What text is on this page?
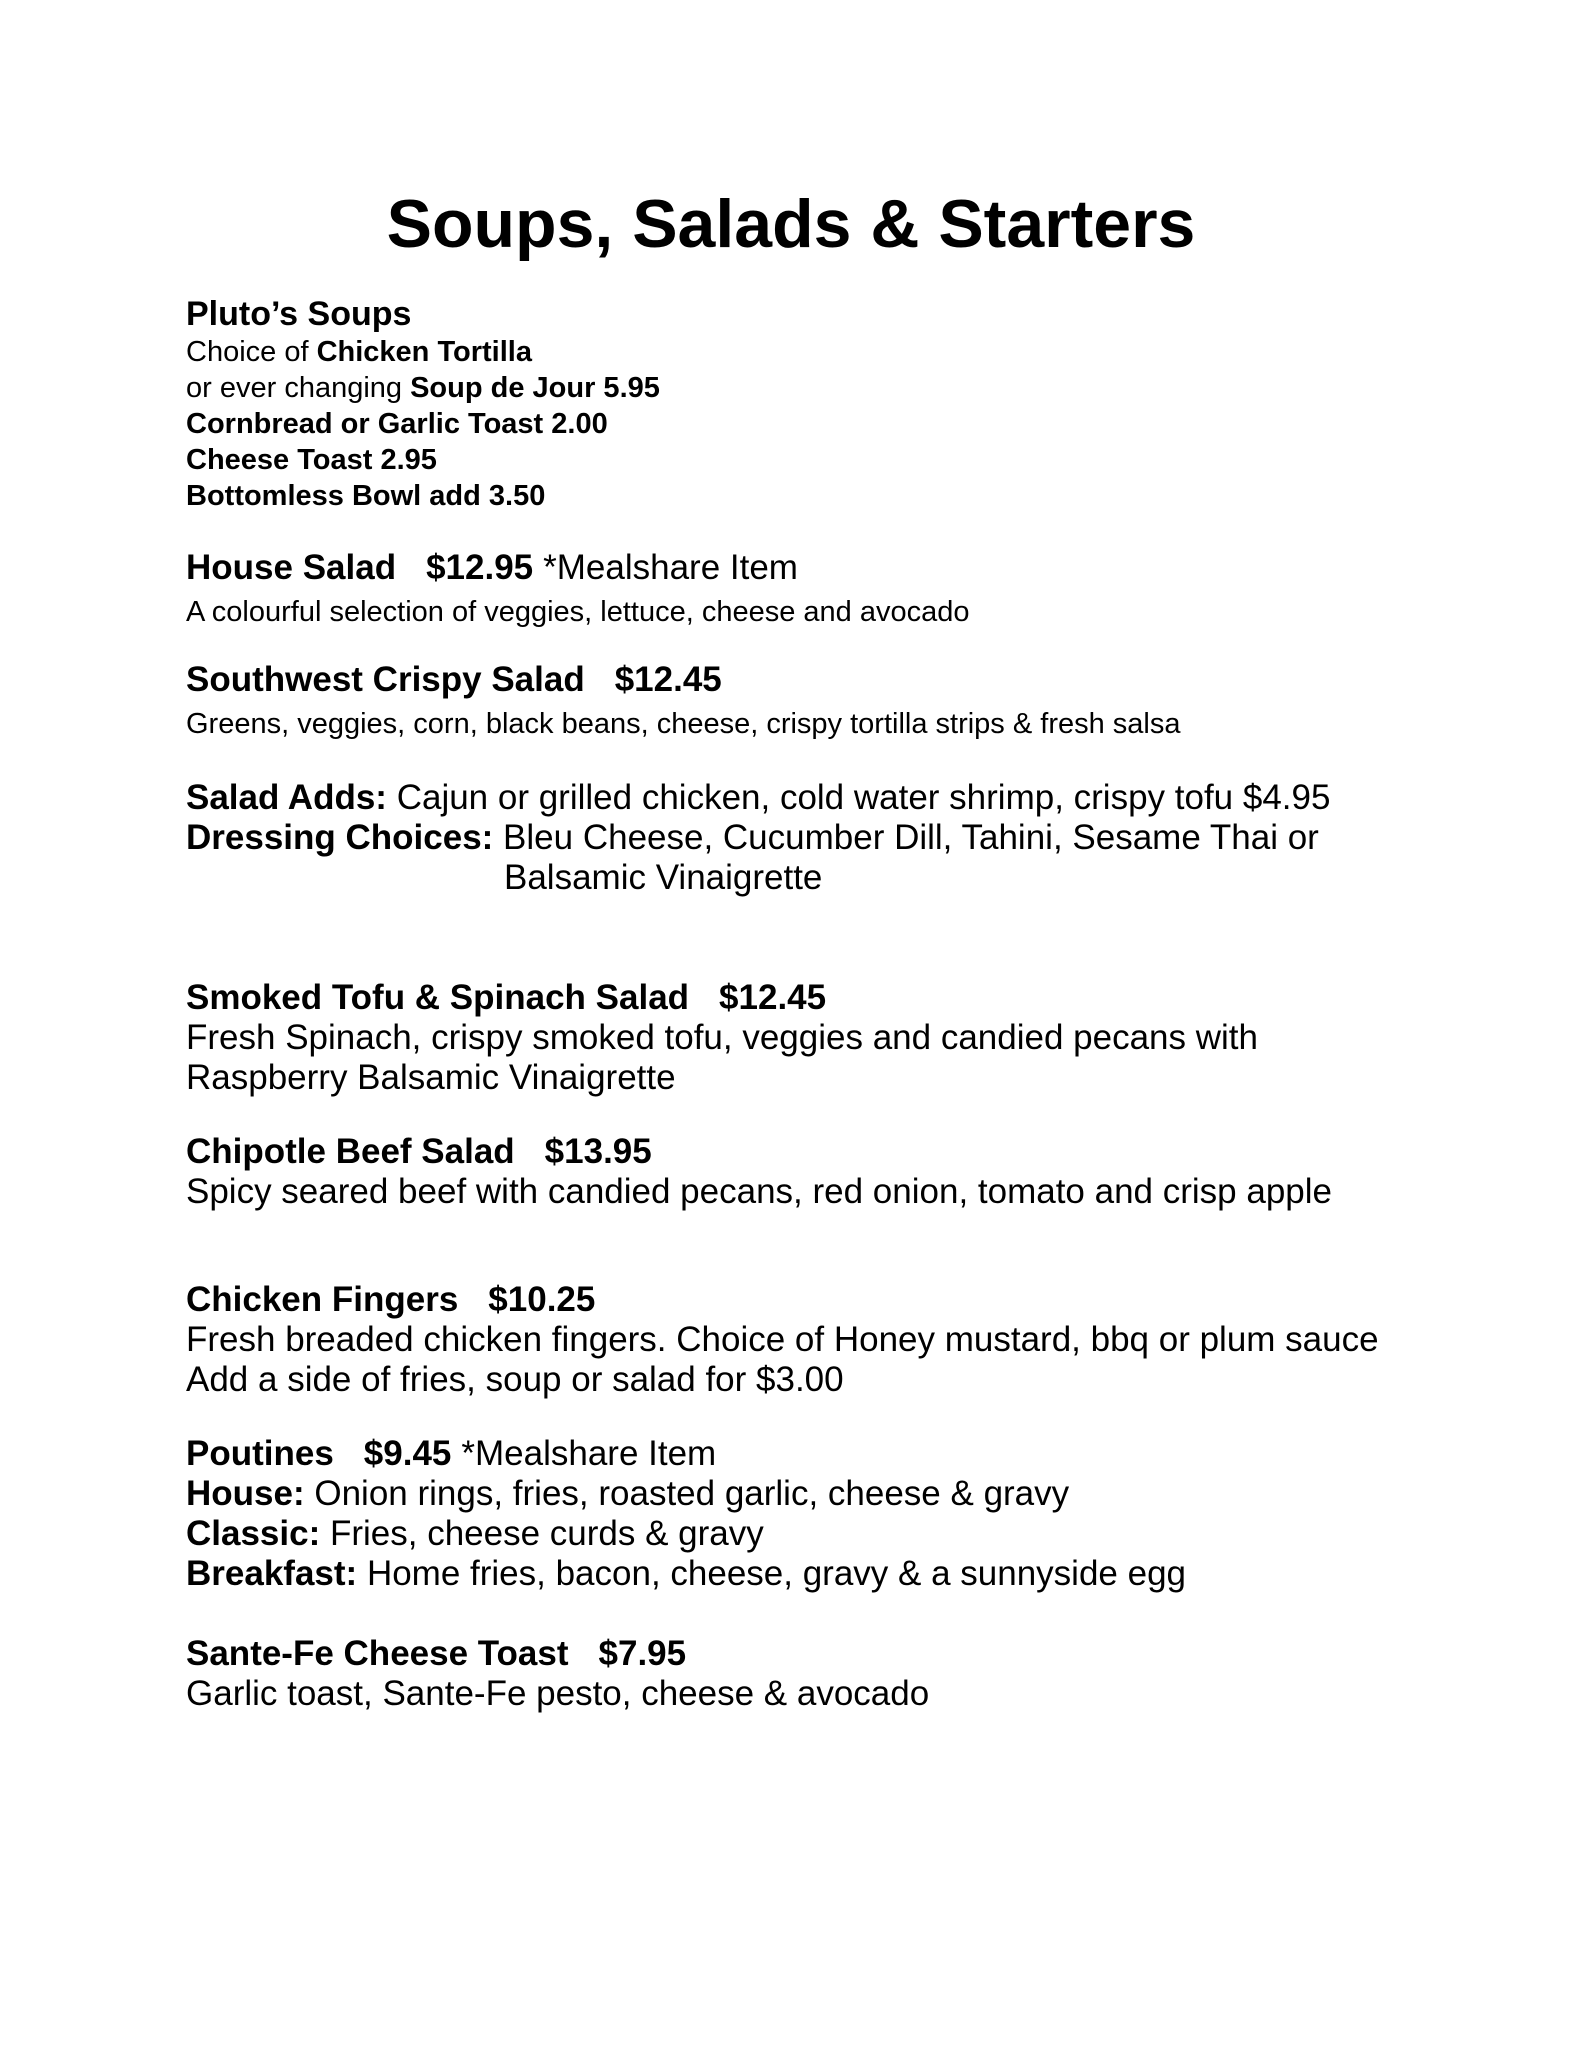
Soups, Salads & Starters
Pluto’s Soups
Choice of Chicken Tortilla
or ever changing Soup de Jour 5.95
Cornbread or Garlic Toast 2.00
Cheese Toast 2.95
Bottomless Bowl add 3.50
House Salad $12.95 *Mealshare Item
A colourful selection of veggies, lettuce, cheese and avocado
Southwest Crispy Salad $12.45
Greens, veggies, corn, black beans, cheese, crispy tortilla strips & fresh salsa
Salad Adds: Cajun or grilled chicken, cold water shrimp, crispy tofu $4.95
Dressing Choices: Bleu Cheese, Cucumber Dill, Tahini, Sesame Thai or
Balsamic Vinaigrette
Smoked Tofu & Spinach Salad $12.45
Fresh Spinach, crispy smoked tofu, veggies and candied pecans with
Raspberry Balsamic Vinaigrette
Chipotle Beef Salad $13.95
Spicy seared beef with candied pecans, red onion, tomato and crisp apple
Chicken Fingers $10.25
Fresh breaded chicken fingers. Choice of Honey mustard, bbq or plum sauce
Add a side of fries, soup or salad for $3.00
Poutines $9.45 *Mealshare Item
House: Onion rings, fries, roasted garlic, cheese & gravy
Classic: Fries, cheese curds & gravy
Breakfast: Home fries, bacon, cheese, gravy & a sunnyside egg
Sante-Fe Cheese Toast $7.95
Garlic toast, Sante-Fe pesto, cheese & avocado
